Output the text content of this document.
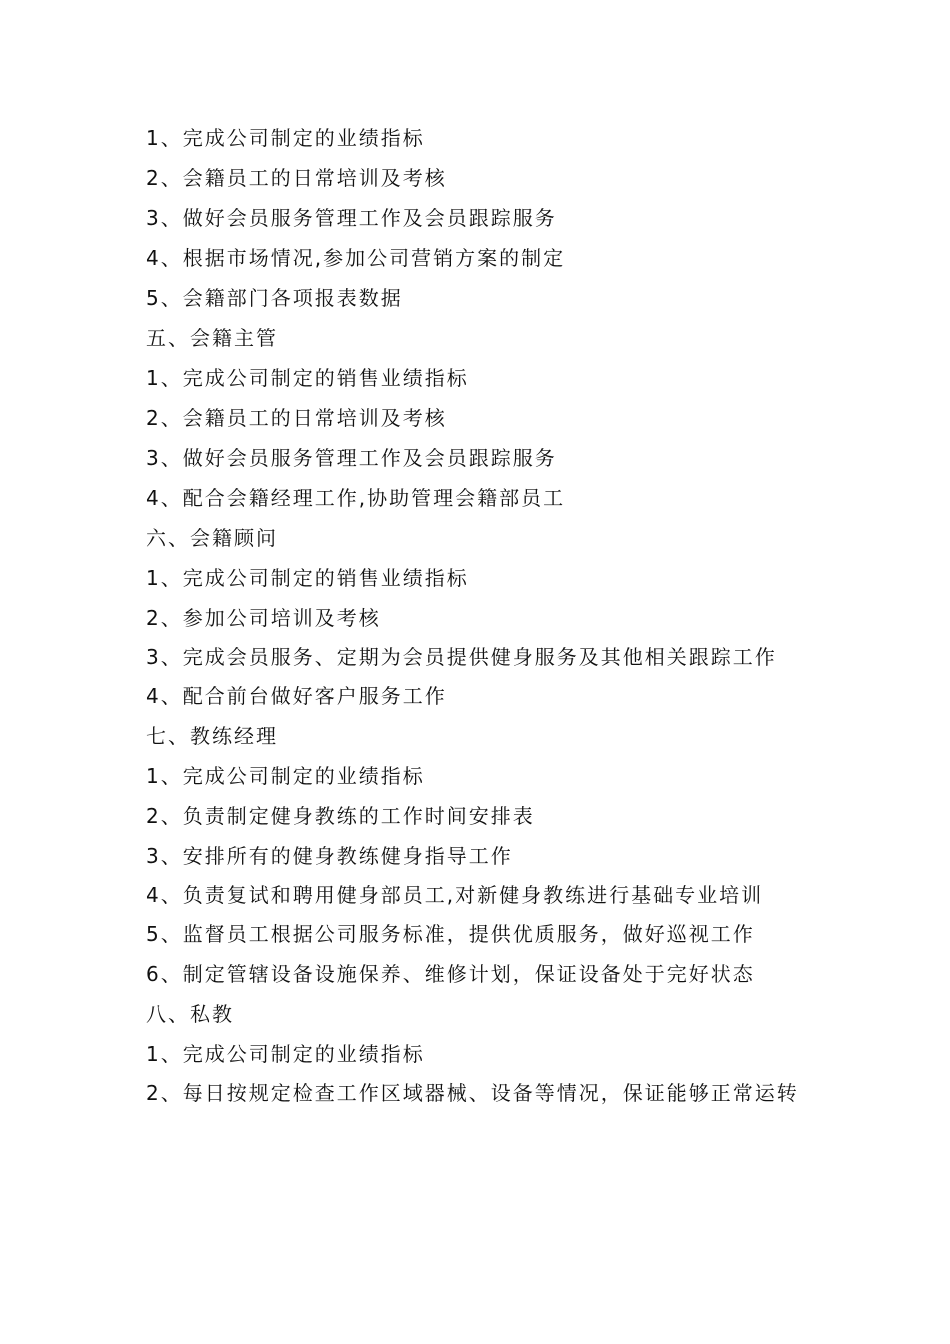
1、完成公司制定的业绩指标

2、会籍员工的日常培训及考核

3、做好会员服务管理工作及会员跟踪服务

4、根据市场情况,参加公司营销方案的制定

5、会籍部门各项报表数据

五、会籍主管

1、完成公司制定的销售业绩指标

2、会籍员工的日常培训及考核

3、做好会员服务管理工作及会员跟踪服务

4、配合会籍经理工作,协助管理会籍部员工

六、会籍顾问

1、完成公司制定的销售业绩指标

2、参加公司培训及考核

3、完成会员服务、定期为会员提供健身服务及其他相关跟踪工作

4、配合前台做好客户服务工作

七、教练经理

1、完成公司制定的业绩指标

2、负责制定健身教练的工作时间安排表

3、安排所有的健身教练健身指导工作

4、负责复试和聘用健身部员工,对新健身教练进行基础专业培训

5、监督员工根据公司服务标准，提供优质服务，做好巡视工作

6、制定管辖设备设施保养、维修计划，保证设备处于完好状态

八、私教

1、完成公司制定的业绩指标

2、每日按规定检查工作区域器械、设备等情况，保证能够正常运转
